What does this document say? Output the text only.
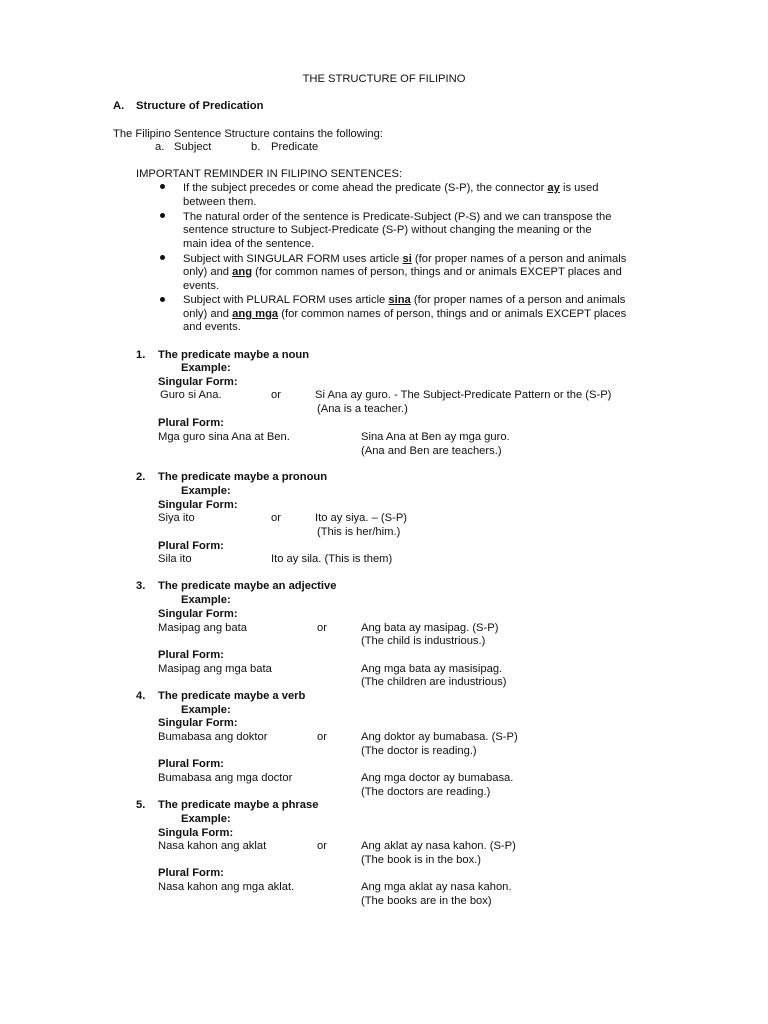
THE STRUCTURE OF FILIPINO
A. Structure of Predication
The Filipino Sentence Structure contains the following:
a. Subject	b. Predicate
IMPORTANT REMINDER IN FILIPINO SENTENCES:
If the subject precedes or come ahead the predicate (S-P), the connector ay is used
between them.
The natural order of the sentence is Predicate-Subject (P-S) and we can transpose the
sentence structure to Subject-Predicate (S-P) without changing the meaning or the
main idea of the sentence.
Subject with SINGULAR FORM uses article si (for proper names of a person and animals
only) and ang (for common names of person, things and or animals EXCEPT places and
events.
Subject with PLURAL FORM uses article sina (for proper names of a person and animals
only) and ang mga (for common names of person, things and or animals EXCEPT places
and events.
1. The predicate maybe a noun
Example:
Singular Form:
Guro si Ana.	or	Si Ana ay guro. - The Subject-Predicate Pattern or the (S-P)
(Ana is a teacher.)
Plural Form:
Mga guro sina Ana at Ben.	Sina Ana at Ben ay mga guro.
(Ana and Ben are teachers.)
2. The predicate maybe a pronoun
Example:
Singular Form:
Siya ito	or	Ito ay siya. – (S-P)
(This is her/him.)
Plural Form:
Sila ito	Ito ay sila. (This is them)
3. The predicate maybe an adjective
Example:
Singular Form:
Masipag ang bata	or	Ang bata ay masipag. (S-P)
(The child is industrious.)
Plural Form:
Masipag ang mga bata	Ang mga bata ay masisipag.
(The children are industrious)
4. The predicate maybe a verb
Example:
Singular Form:
Bumabasa ang doktor	or	Ang doktor ay bumabasa. (S-P)
(The doctor is reading.)
Plural Form:
Bumabasa ang mga doctor	Ang mga doctor ay bumabasa.
(The doctors are reading.)
5. The predicate maybe a phrase
Example:
Singula Form:
Nasa kahon ang aklat	or	Ang aklat ay nasa kahon. (S-P)
(The book is in the box.)
Plural Form:
Nasa kahon ang mga aklat.	Ang mga aklat ay nasa kahon.
(The books are in the box)
